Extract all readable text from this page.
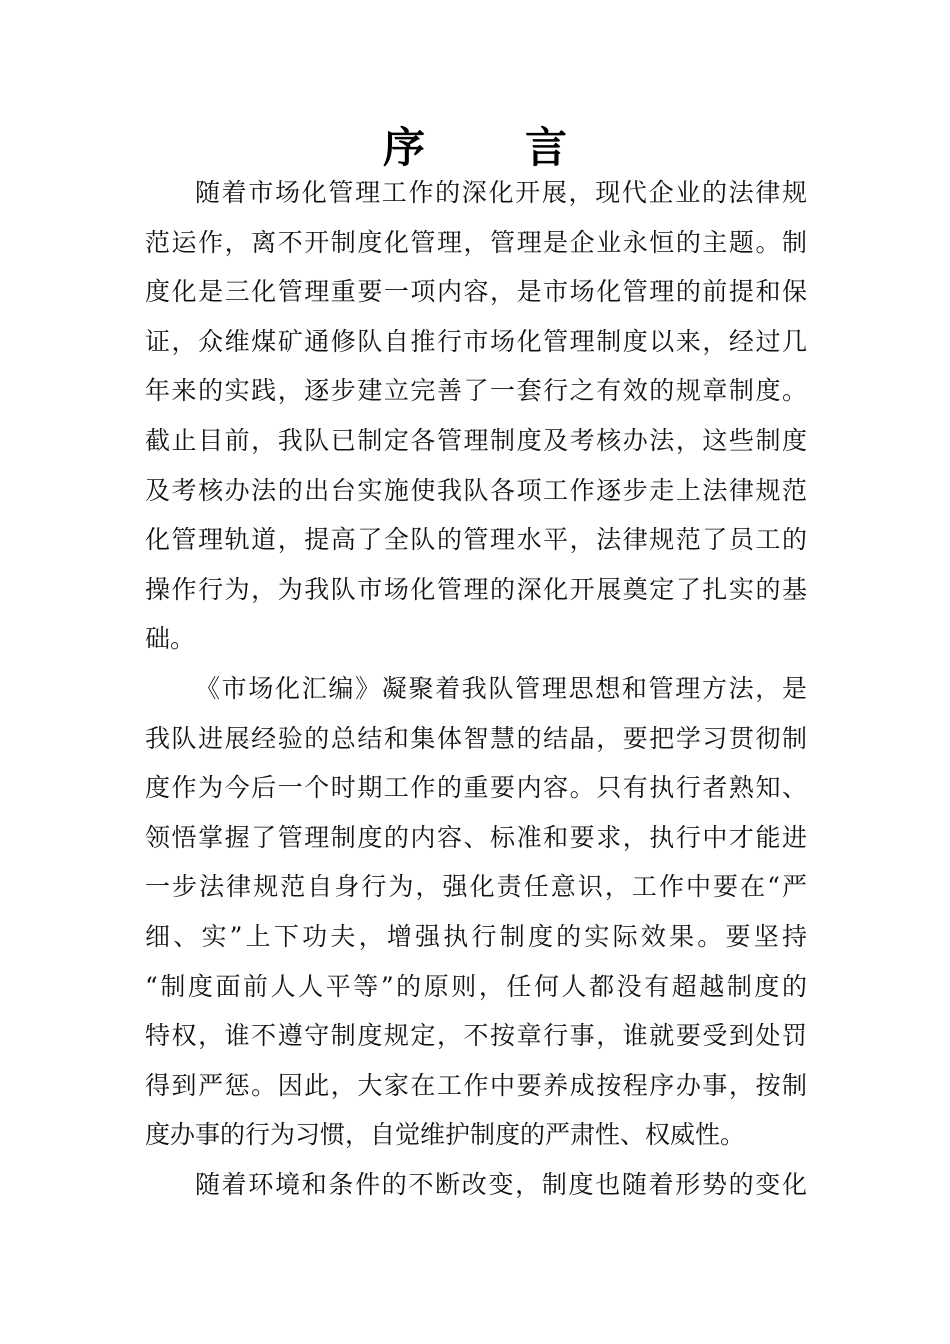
序 言
随着市场化管理工作的深化开展，现代企业的法律规
范运作，离不开制度化管理，管理是企业永恒的主题。制
度化是三化管理重要一项内容，是市场化管理的前提和保
证，众维煤矿通修队自推行市场化管理制度以来，经过几
年来的实践，逐步建立完善了一套行之有效的规章制度。
截止目前，我队已制定各管理制度及考核办法，这些制度
及考核办法的出台实施使我队各项工作逐步走上法律规范
化管理轨道，提高了全队的管理水平，法律规范了员工的
操作行为，为我队市场化管理的深化开展奠定了扎实的基
础。
《市场化汇编》凝聚着我队管理思想和管理方法，是
我队进展经验的总结和集体智慧的结晶，要把学习贯彻制
度作为今后一个时期工作的重要内容。只有执行者熟知、
领悟掌握了管理制度的内容、标准和要求，执行中才能进
一步法律规范自身行为，强化责任意识，工作中要在“严
细、实”上下功夫，增强执行制度的实际效果。要坚持
“制度面前人人平等”的原则，任何人都没有超越制度的
特权，谁不遵守制度规定，不按章行事，谁就要受到处罚
得到严惩。因此，大家在工作中要养成按程序办事，按制
度办事的行为习惯，自觉维护制度的严肃性、权威性。
随着环境和条件的不断改变，制度也随着形势的变化
